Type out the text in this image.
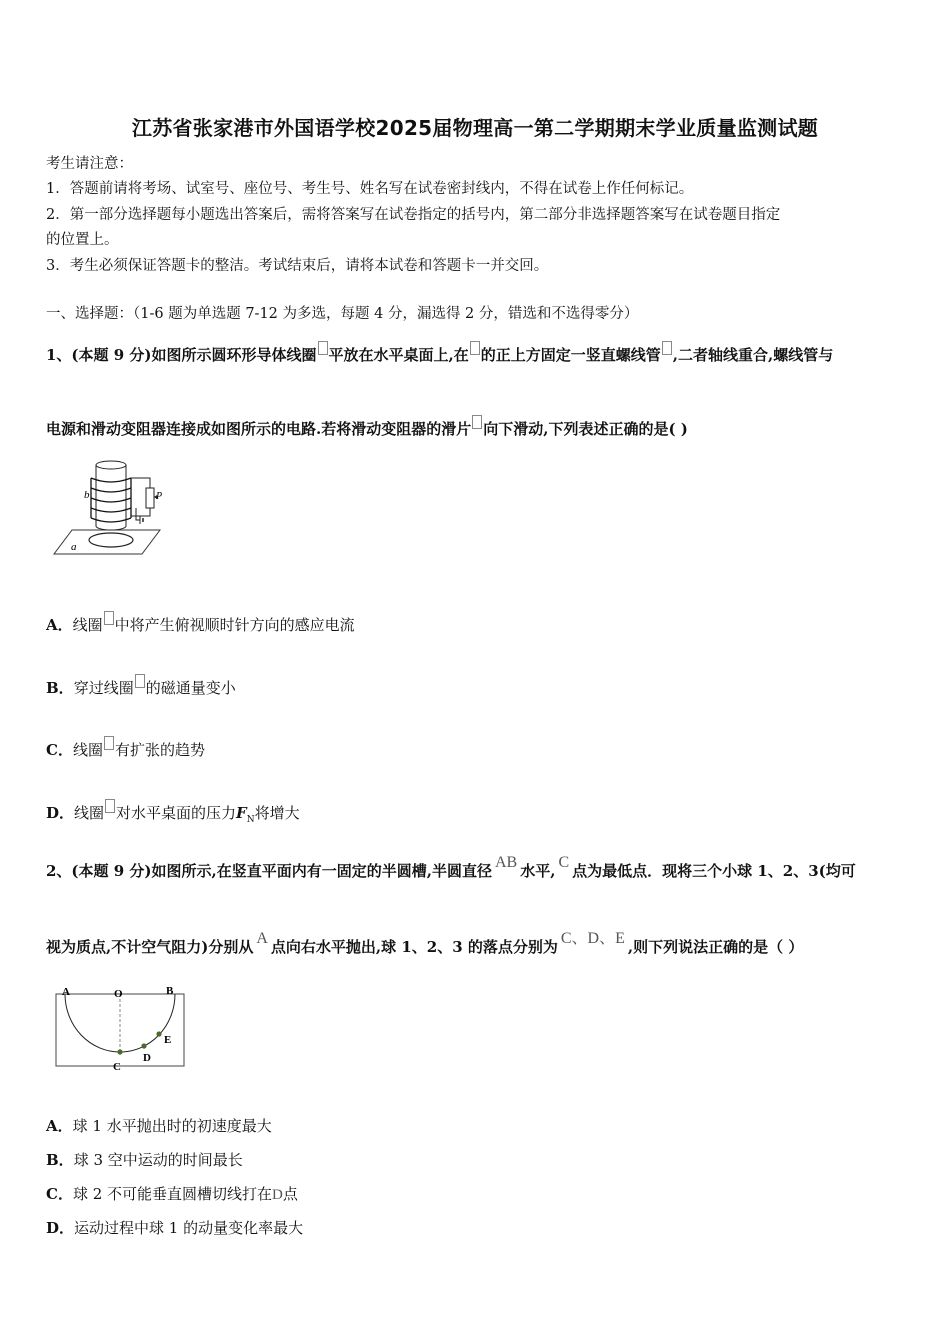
江苏省张家港市外国语学校2025届物理高一第二学期期末学业质量监测试题
考生请注意：
1．答题前请将考场、试室号、座位号、考生号、姓名写在试卷密封线内，不得在试卷上作任何标记。
2．第一部分选择题每小题选出答案后，需将答案写在试卷指定的括号内，第二部分非选择题答案写在试卷题目指定
的位置上。
3．考生必须保证答题卡的整洁。考试结束后，请将本试卷和答题卡一并交回。
一、选择题：（1-6 题为单选题 7-12 为多选，每题 4 分，漏选得 2 分，错选和不选得零分）
1、(本题 9 分)如图所示圆环形导体线圈 平放在水平桌面上,在 的正上方固定一竖直螺线管 ,二者轴线重合,螺线管与
电源和滑动变阻器连接成如图所示的电路.若将滑动变阻器的滑片 向下滑动,下列表述正确的是( )
b
a
P
A．线圈 中将产生俯视顺时针方向的感应电流
B．穿过线圈 的磁通量变小
C．线圈 有扩张的趋势
D．线圈 对水平桌面的压力$F_N$将增大
2、(本题 9 分)如图所示,在竖直平面内有一固定的半圆槽,半圆直径 AB 水平, C 点为最低点．现将三个小球 1、2、3(均可
视为质点,不计空气阻力)分别从 A 点向右水平抛出,球 1、2、3 的落点分别为 C、D、E ,则下列说法正确的是（ ）
A	O	B
C
D
E
A．球 1 水平抛出时的初速度最大
B．球 3 空中运动的时间最长
C．球 2 不可能垂直圆槽切线打在D点
D．运动过程中球 1 的动量变化率最大
